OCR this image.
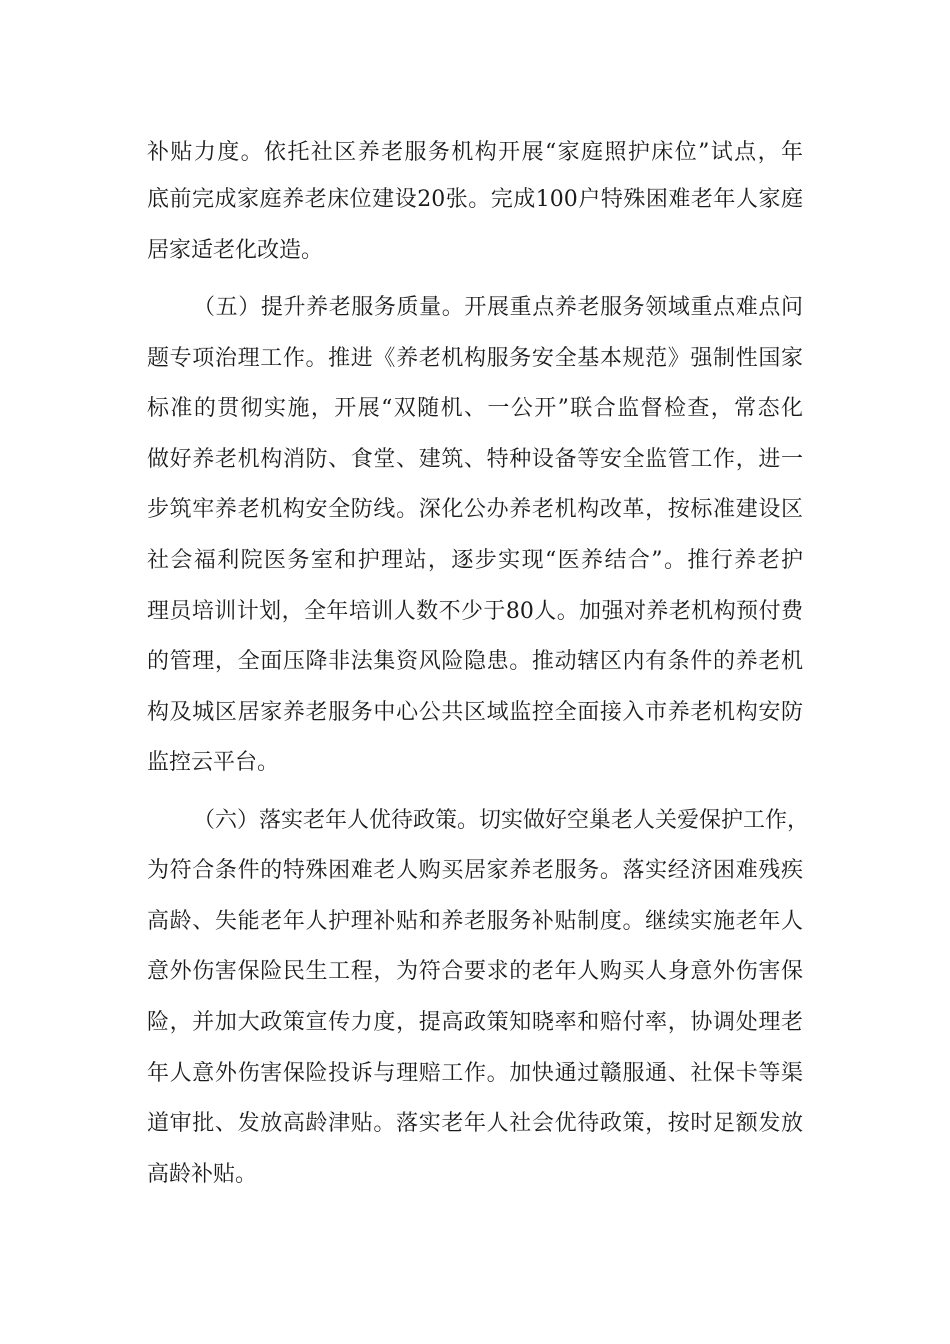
补贴力度。依托社区养老服务机构开展“家庭照护床位”试点，年
底前完成家庭养老床位建设20张。完成100户特殊困难老年人家庭
居家适老化改造。
（五）提升养老服务质量。开展重点养老服务领域重点难点问
题专项治理工作。推进《养老机构服务安全基本规范》强制性国家
标准的贯彻实施，开展“双随机、一公开”联合监督检查，常态化
做好养老机构消防、食堂、建筑、特种设备等安全监管工作，进一
步筑牢养老机构安全防线。深化公办养老机构改革，按标准建设区
社会福利院医务室和护理站，逐步实现“医养结合”。推行养老护
理员培训计划，全年培训人数不少于80人。加强对养老机构预付费
的管理，全面压降非法集资风险隐患。推动辖区内有条件的养老机
构及城区居家养老服务中心公共区域监控全面接入市养老机构安防
监控云平台。
（六）落实老年人优待政策。切实做好空巢老人关爱保护工作，
为符合条件的特殊困难老人购买居家养老服务。落实经济困难残疾
高龄、失能老年人护理补贴和养老服务补贴制度。继续实施老年人
意外伤害保险民生工程，为符合要求的老年人购买人身意外伤害保
险，并加大政策宣传力度，提高政策知晓率和赔付率，协调处理老
年人意外伤害保险投诉与理赔工作。加快通过赣服通、社保卡等渠
道审批、发放高龄津贴。落实老年人社会优待政策，按时足额发放
高龄补贴。
